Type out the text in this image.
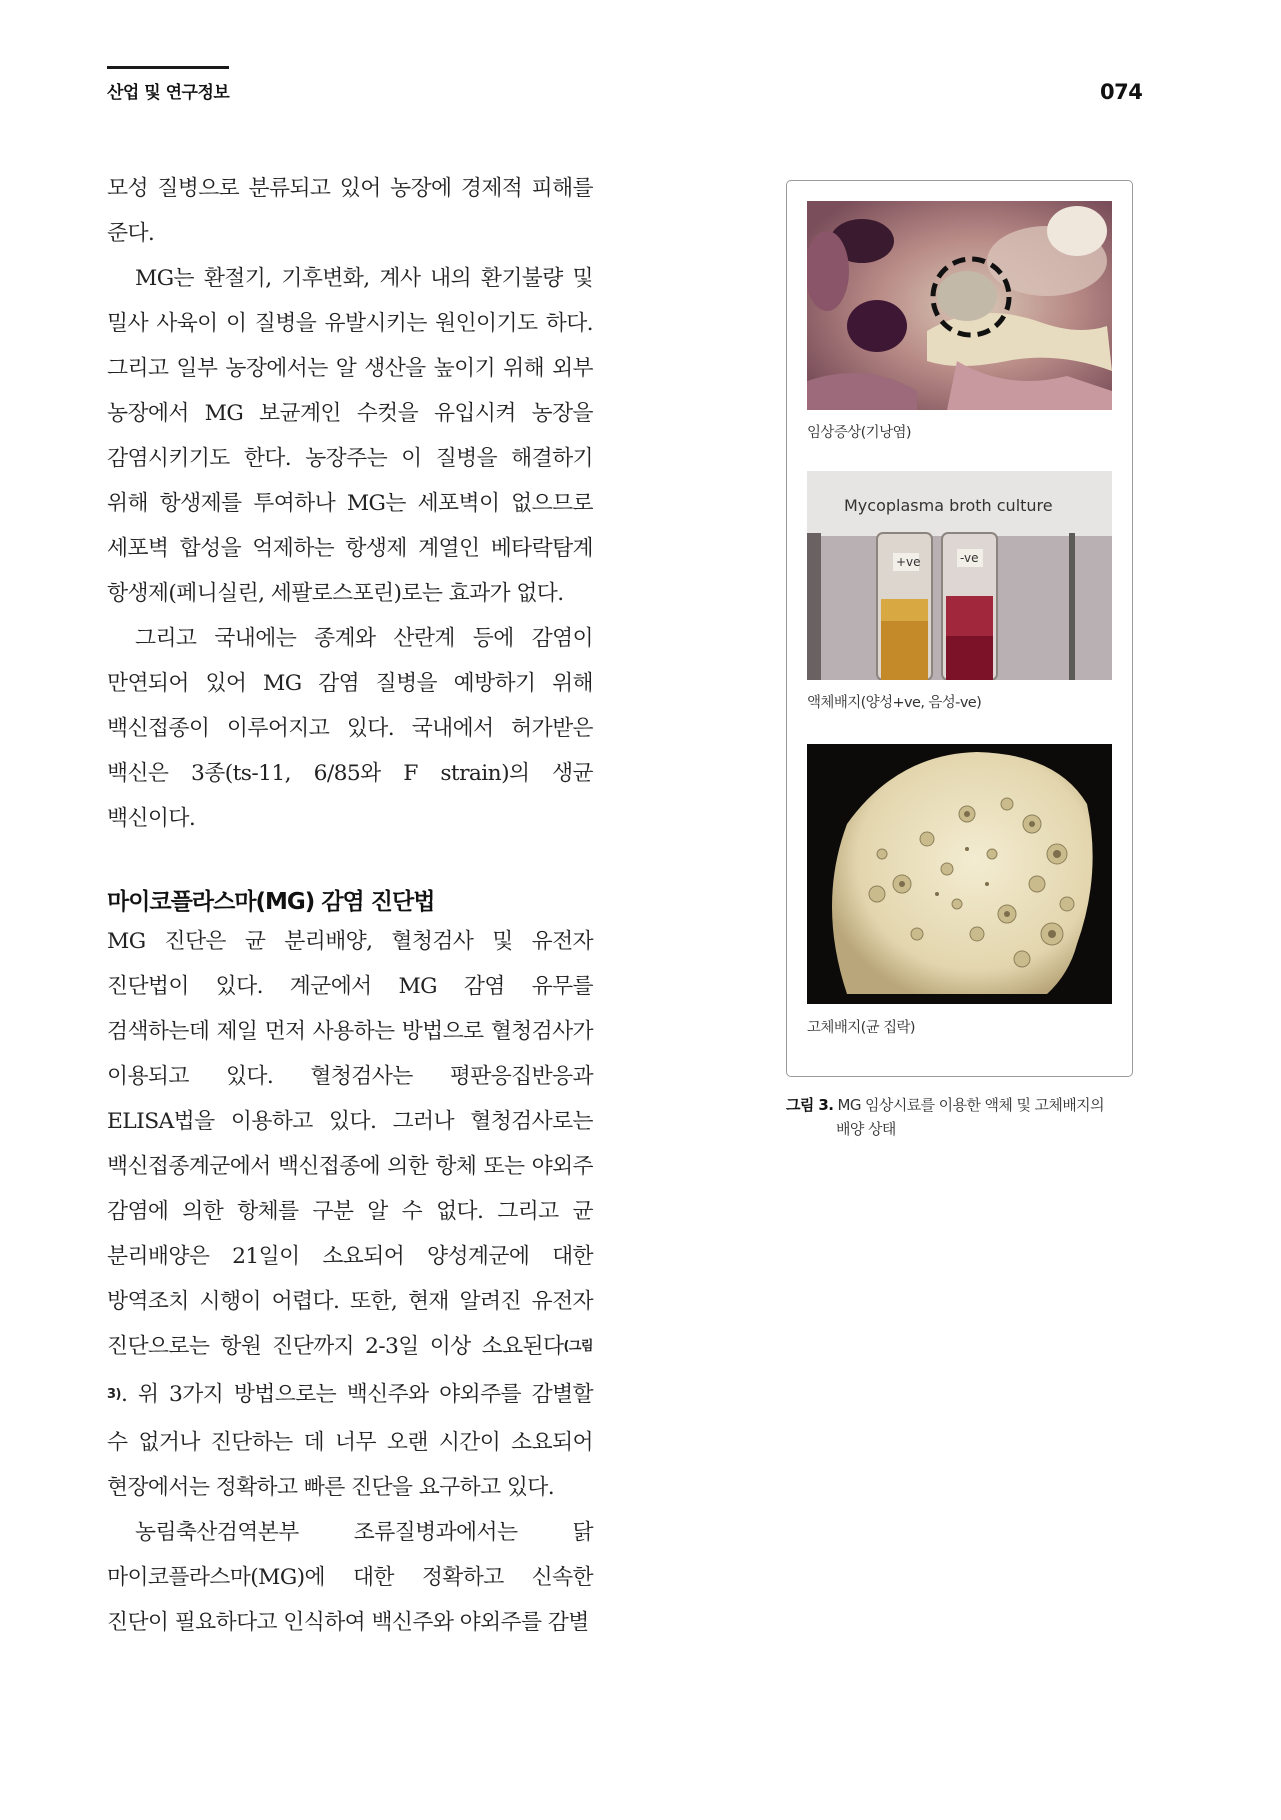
산업 및 연구정보	074

모성 질병으로 분류되고 있어 농장에 경제적 피해를 준다.

MG는 환절기, 기후변화, 계사 내의 환기불량 및 밀사 사육이 이 질병을 유발시키는 원인이기도 하다. 그리고 일부 농장에서는 알 생산을 높이기 위해 외부 농장에서 MG 보균계인 수컷을 유입시켜 농장을 감염시키기도 한다. 농장주는 이 질병을 해결하기 위해 항생제를 투여하나 MG는 세포벽이 없으므로 세포벽 합성을 억제하는 항생제 계열인 베타락탐계 항생제(페니실린, 세팔로스포린)로는 효과가 없다.

그리고 국내에는 종계와 산란계 등에 감염이 만연되어 있어 MG 감염 질병을 예방하기 위해 백신접종이 이루어지고 있다. 국내에서 허가받은 백신은 3종(ts-11, 6/85와 F strain)의 생균 백신이다.

마이코플라스마(MG) 감염 진단법

MG 진단은 균 분리배양, 혈청검사 및 유전자 진단법이 있다. 계군에서 MG 감염 유무를 검색하는데 제일 먼저 사용하는 방법으로 혈청검사가 이용되고 있다. 혈청검사는 평판응집반응과 ELISA법을 이용하고 있다. 그러나 혈청검사로는 백신접종계군에서 백신접종에 의한 항체 또는 야외주 감염에 의한 항체를 구분 알 수 없다. 그리고 균 분리배양은 21일이 소요되어 양성계군에 대한 방역조치 시행이 어렵다. 또한, 현재 알려진 유전자 진단으로는 항원 진단까지 2-3일 이상 소요된다(그림 3). 위 3가지 방법으로는 백신주와 야외주를 감별할 수 없거나 진단하는 데 너무 오랜 시간이 소요되어 현장에서는 정확하고 빠른 진단을 요구하고 있다.

농림축산검역본부 조류질병과에서는 닭 마이코플라스마(MG)에 대한 정확하고 신속한 진단이 필요하다고 인식하여 백신주와 야외주를 감별

임상증상(기낭염)
Mycoplasma broth culture
+ve	-ve
액체배지(양성+ve, 음성-ve)
고체배지(균 집락)
그림 3. MG 임상시료를 이용한 액체 및 고체배지의
배양 상태
